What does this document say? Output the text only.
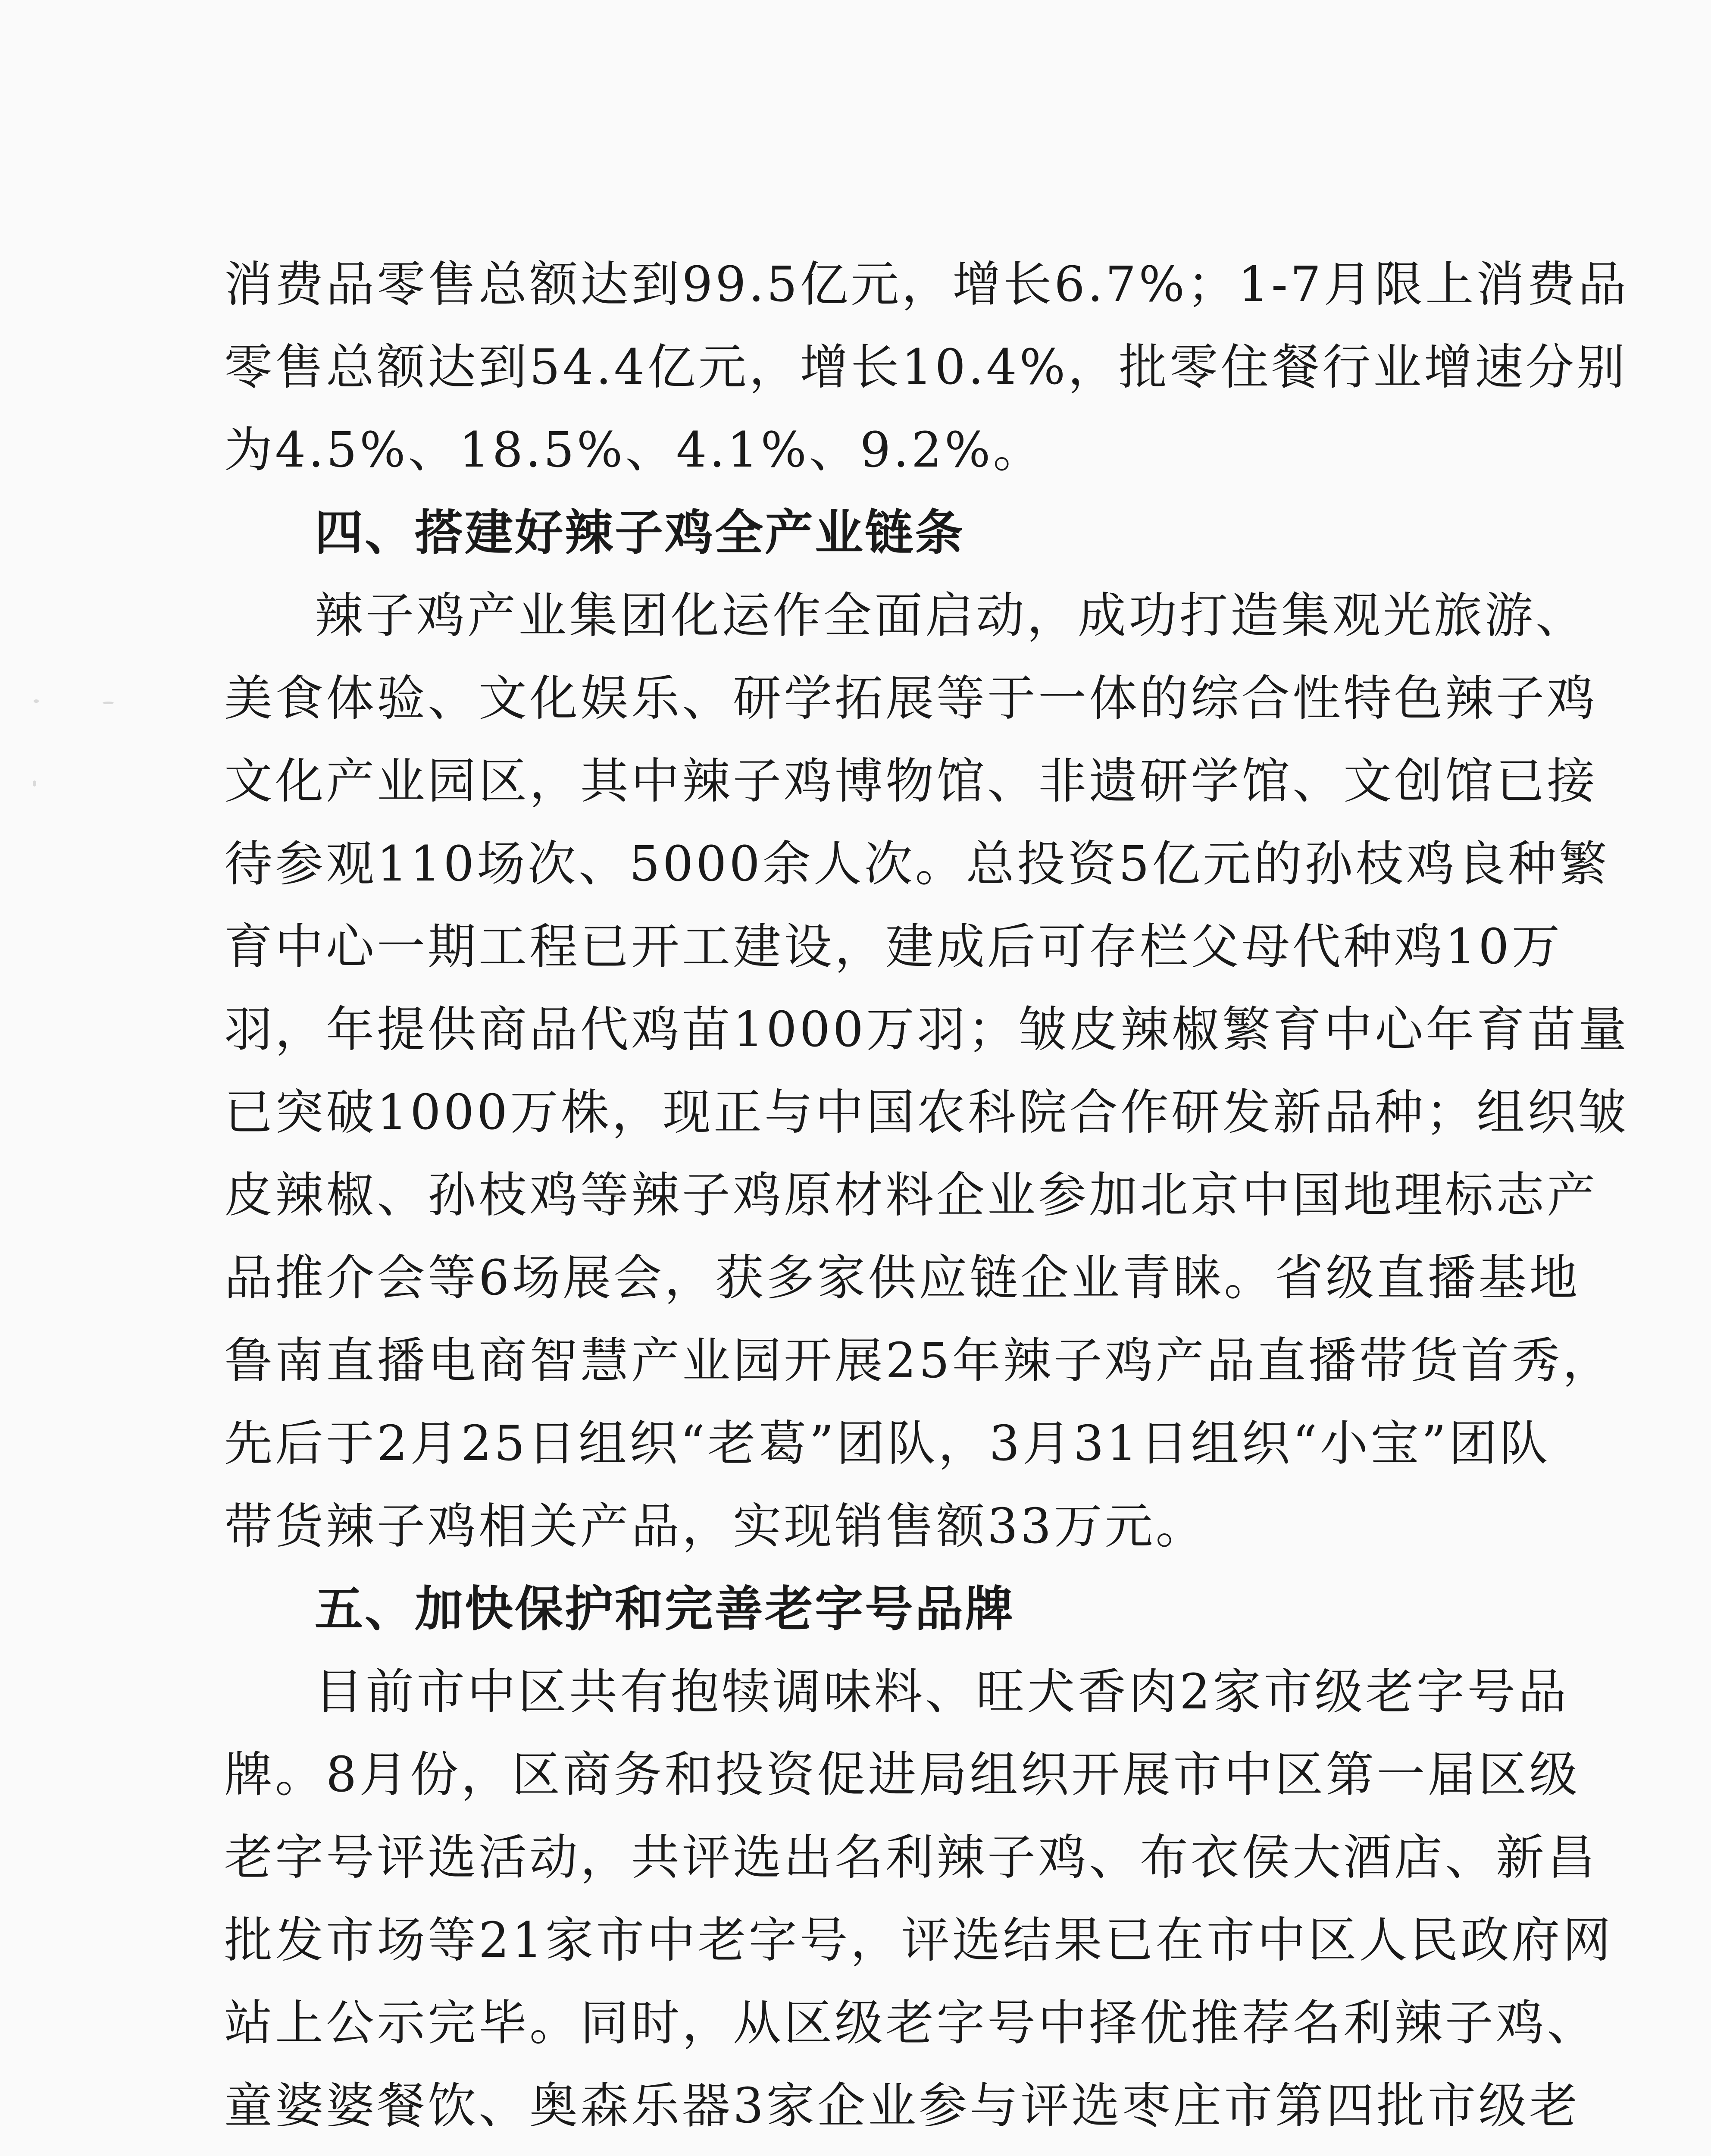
消费品零售总额达到99.5亿元，增长6.7%；1-7月限上消费品
零售总额达到54.4亿元，增长10.4%，批零住餐行业增速分别
为4.5%、18.5%、4.1%、9.2%。
四、搭建好辣子鸡全产业链条
辣子鸡产业集团化运作全面启动，成功打造集观光旅游、
美食体验、文化娱乐、研学拓展等于一体的综合性特色辣子鸡
文化产业园区，其中辣子鸡博物馆、非遗研学馆、文创馆已接
待参观110场次、5000余人次。总投资5亿元的孙枝鸡良种繁
育中心一期工程已开工建设，建成后可存栏父母代种鸡10万
羽，年提供商品代鸡苗1000万羽；皱皮辣椒繁育中心年育苗量
已突破1000万株，现正与中国农科院合作研发新品种；组织皱
皮辣椒、孙枝鸡等辣子鸡原材料企业参加北京中国地理标志产
品推介会等6场展会，获多家供应链企业青睐。省级直播基地
鲁南直播电商智慧产业园开展25年辣子鸡产品直播带货首秀，
先后于2月25日组织“老葛”团队，3月31日组织“小宝”团队
带货辣子鸡相关产品，实现销售额33万元。
五、加快保护和完善老字号品牌
目前市中区共有抱犊调味料、旺犬香肉2家市级老字号品
牌。8月份，区商务和投资促进局组织开展市中区第一届区级
老字号评选活动，共评选出名利辣子鸡、布衣侯大酒店、新昌
批发市场等21家市中老字号，评选结果已在市中区人民政府网
站上公示完毕。同时，从区级老字号中择优推荐名利辣子鸡、
童婆婆餐饮、奥森乐器3家企业参与评选枣庄市第四批市级老
